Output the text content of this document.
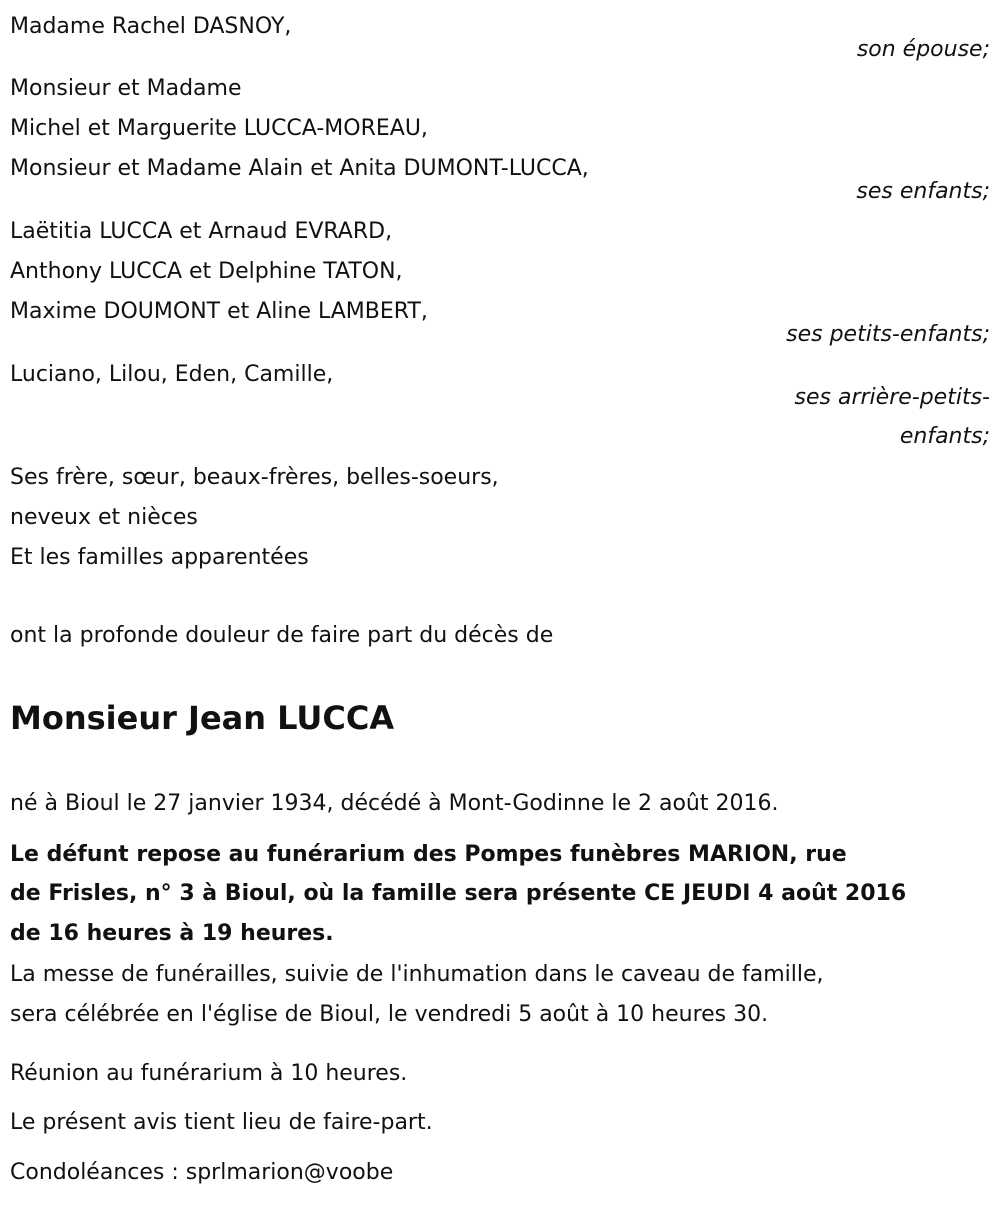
Madame Rachel DASNOY,
son épouse;
Monsieur et Madame
Michel et Marguerite LUCCA-MOREAU,
Monsieur et Madame Alain et Anita DUMONT-LUCCA,
ses enfants;
Laëtitia LUCCA et Arnaud EVRARD,
Anthony LUCCA et Delphine TATON,
Maxime DOUMONT et Aline LAMBERT,
ses petits-enfants;
Luciano, Lilou, Eden, Camille,
ses arrière-petits-
enfants;
Ses frère, sœur, beaux-frères, belles-soeurs,
neveux et nièces
Et les familles apparentées
ont la profonde douleur de faire part du décès de
Monsieur Jean LUCCA
né à Bioul le 27 janvier 1934, décédé à Mont-Godinne le 2 août 2016.
Le défunt repose au funérarium des Pompes funèbres MARION, rue
de Frisles, n° 3 à Bioul, où la famille sera présente CE JEUDI 4 août 2016
de 16 heures à 19 heures.
La messe de funérailles, suivie de l'inhumation dans le caveau de famille,
sera célébrée en l'église de Bioul, le vendredi 5 août à 10 heures 30.
Réunion au funérarium à 10 heures.
Le présent avis tient lieu de faire-part.
Condoléances : sprlmarion@voobe
